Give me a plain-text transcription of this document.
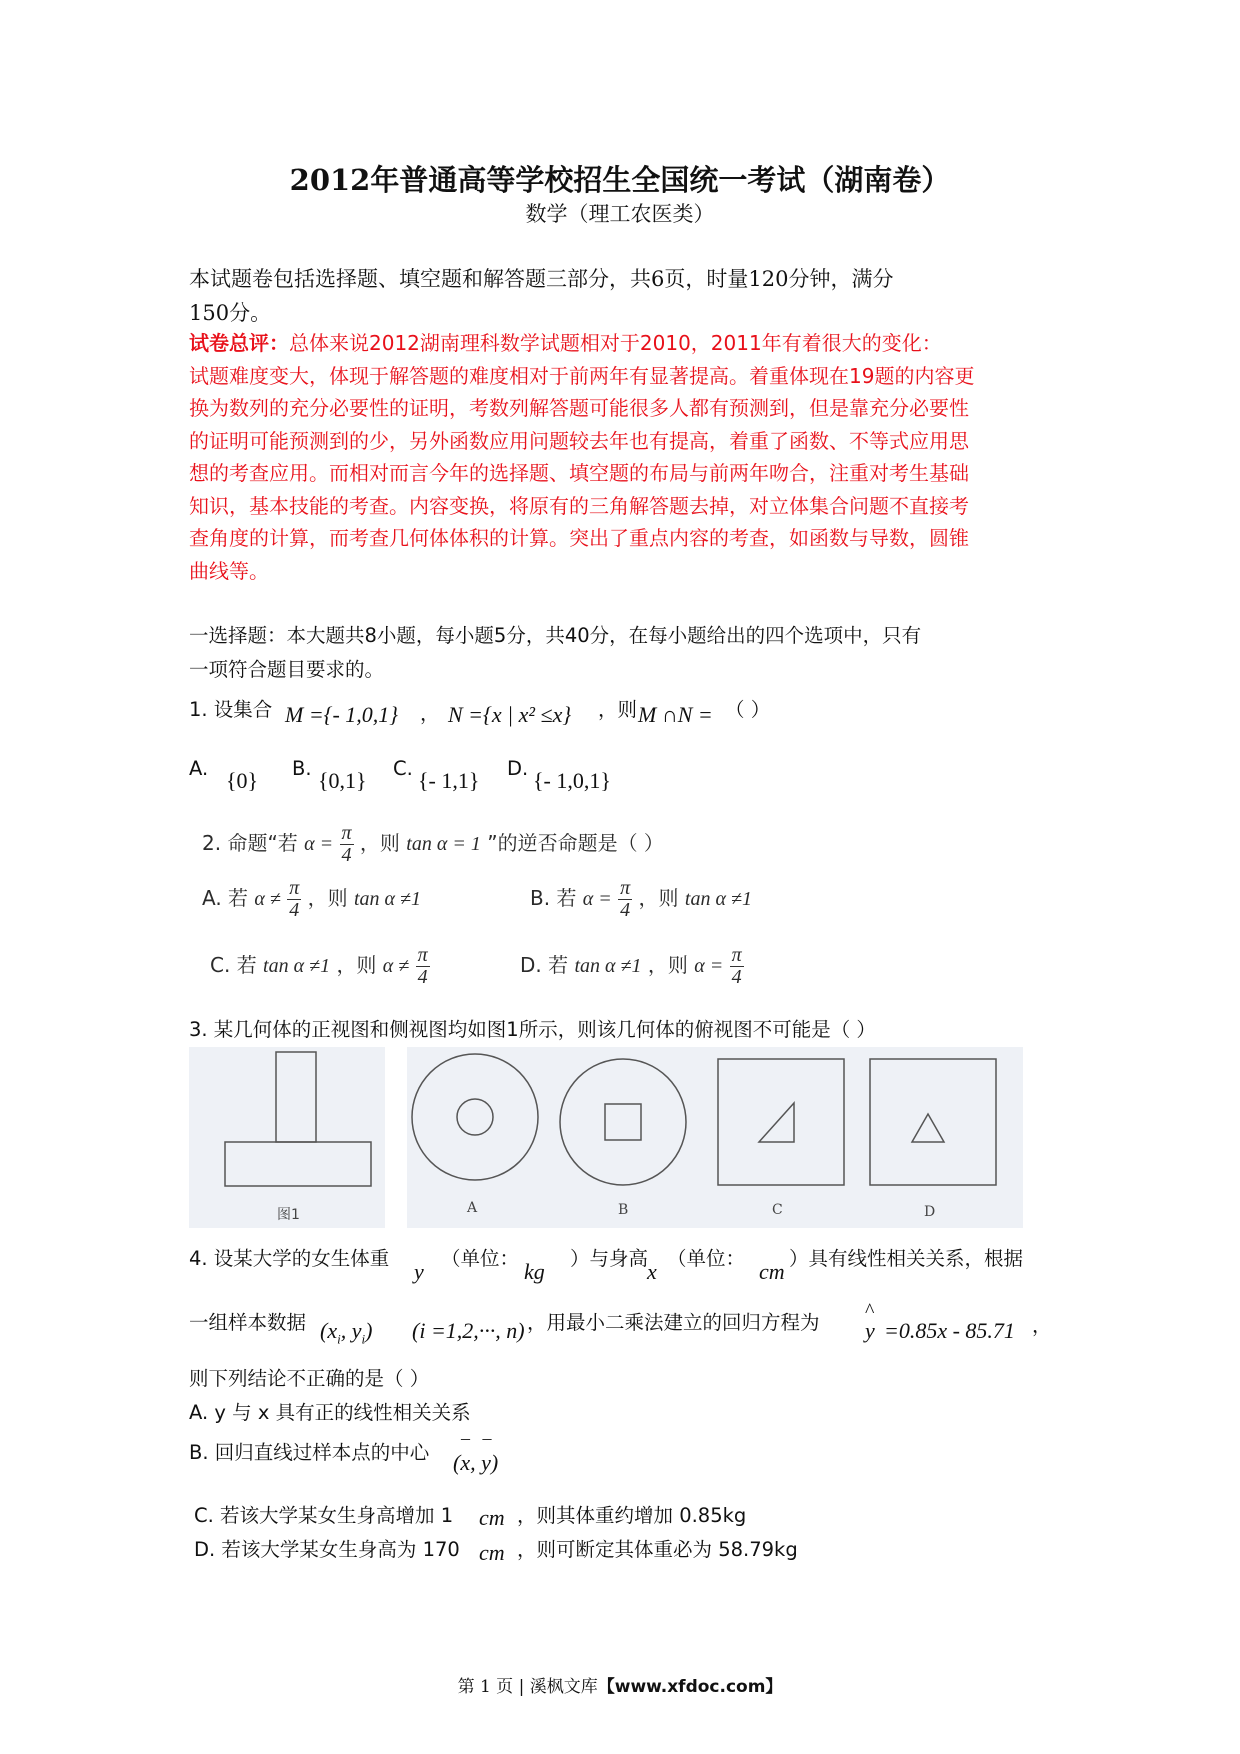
2012年普通高等学校招生全国统一考试（湖南卷）
数学（理工农医类）
本试题卷包括选择题、填空题和解答题三部分，共6页，时量120分钟，满分
150分。
试卷总评：总体来说2012湖南理科数学试题相对于2010，2011年有着很大的变化：
试题难度变大，体现于解答题的难度相对于前两年有显著提高。着重体现在19题的内容更
换为数列的充分必要性的证明，考数列解答题可能很多人都有预测到，但是靠充分必要性
的证明可能预测到的少，另外函数应用问题较去年也有提高，着重了函数、不等式应用思
想的考查应用。而相对而言今年的选择题、填空题的布局与前两年吻合，注重对考生基础
知识，基本技能的考查。内容变换，将原有的三角解答题去掉，对立体集合问题不直接考
查角度的计算，而考查几何体体积的计算。突出了重点内容的考查，如函数与导数，圆锥
曲线等。
一选择题：本大题共8小题，每小题5分，共40分，在每小题给出的四个选项中，只有
一项符合题目要求的。
1. 设集合 M ={- 1,0,1} ， N ={x | x² ≤x} ，则 M ∩N = （ ）
A. {0} B. {0,1} C. {- 1,1} D. {- 1,0,1}
2. 命题“若 $\alpha = \frac{\pi}{4}$ ，则 tan α = 1 ”的逆否命题是（ ）
A. 若 $\alpha \ne \frac{\pi}{4}$ ，则 tan α ≠1	B. 若 $\alpha = \frac{\pi}{4}$ ，则 tan α ≠1
C. 若 tan α ≠1 ，则 $\alpha \ne \frac{\pi}{4}$	D. 若 tan α ≠1 ，则 $\alpha = \frac{\pi}{4}$
3. 某几何体的正视图和侧视图均如图1所示，则该几何体的俯视图不可能是（ ）
图1	A	B	C	D
4. 设某大学的女生体重
y
（单位：
kg
）与身高
x
（单位：
cm
）具有线性相关关系，根据
一组样本数据 ($x_i$, $y_i$) (i =1,2,···, n) ，用最小二乘法建立的回归方程为 ^
y =0.85x - 85.71 ，
则下列结论不正确的是（ ）
A. y 与 x 具有正的线性相关关系
B. 回归直线过样本点的中心
– –
(x, y)
C. 若该大学某女生身高增加 1 cm ，则其体重约增加 0.85kg
D. 若该大学某女生身高为 170 cm ，则可断定其体重必为 58.79kg
第 1 页 | 溪枫文库【www.xfdoc.com】
